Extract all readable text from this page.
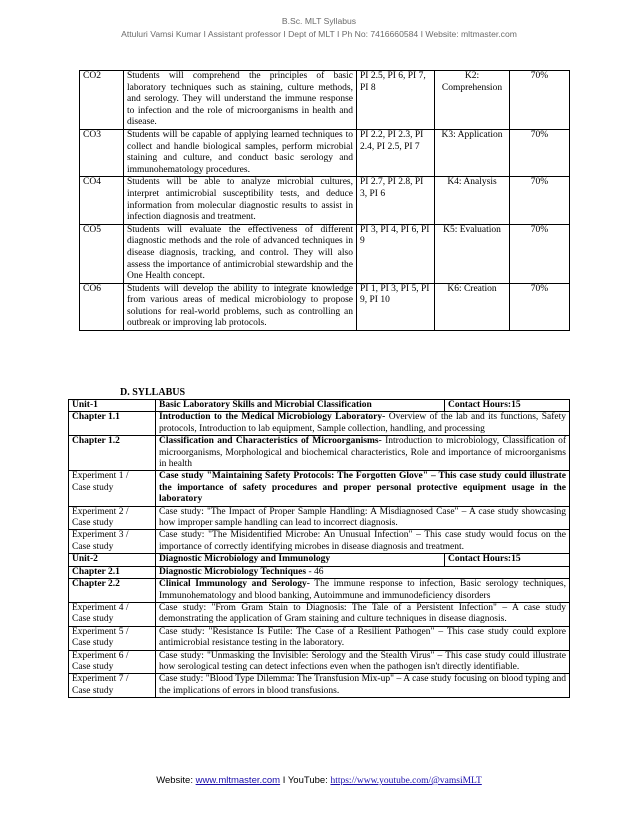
B.Sc. MLT Syllabus
Attuluri Vamsi Kumar I Assistant professor I Dept of MLT I Ph No: 7416660584 I Website: mltmaster.com
CO2	Students will comprehend the principles of basic laboratory techniques such as staining, culture methods, and serology. They will understand the immune response to infection and the role of microorganisms in health and disease.	PI 2.5, PI 6, PI 7, PI 8	K2: Comprehension	70%
CO3	Students will be capable of applying learned techniques to collect and handle biological samples, perform microbial staining and culture, and conduct basic serology and immunohematology procedures.	PI 2.2, PI 2.3, PI 2.4, PI 2.5, PI 7	K3: Application	70%
CO4	Students will be able to analyze microbial cultures, interpret antimicrobial susceptibility tests, and deduce information from molecular diagnostic results to assist in infection diagnosis and treatment.	PI 2.7, PI 2.8, PI 3, PI 6	K4: Analysis	70%
CO5	Students will evaluate the effectiveness of different diagnostic methods and the role of advanced techniques in disease diagnosis, tracking, and control. They will also assess the importance of antimicrobial stewardship and the One Health concept.	PI 3, PI 4, PI 6, PI 9	K5: Evaluation	70%
CO6	Students will develop the ability to integrate knowledge from various areas of medical microbiology to propose solutions for real-world problems, such as controlling an outbreak or improving lab protocols.	PI 1, PI 3, PI 5, PI 9, PI 10	K6: Creation	70%
D. SYLLABUS
Unit-1	Basic Laboratory Skills and Microbial Classification	Contact Hours:15
Chapter 1.1	Introduction to the Medical Microbiology Laboratory- Overview of the lab and its functions, Safety protocols, Introduction to lab equipment, Sample collection, handling, and processing	
Chapter 1.2	Classification and Characteristics of Microorganisms- Introduction to microbiology, Classification of microorganisms, Morphological and biochemical characteristics, Role and importance of microorganisms in health	

Experiment 1 /
Case study	Case study "Maintaining Safety Protocols: The Forgotten Glove" – This case study could illustrate the importance of safety procedures and proper personal protective equipment usage in the laboratory	

Experiment 2 /
Case study	Case study: "The Impact of Proper Sample Handling: A Misdiagnosed Case" – A case study showcasing how improper sample handling can lead to incorrect diagnosis.	

Experiment 3 /
Case study	Case study: "The Misidentified Microbe: An Unusual Infection" – This case study would focus on the importance of correctly identifying microbes in disease diagnosis and treatment.	
Unit-2	Diagnostic Microbiology and Immunology	Contact Hours:15
Chapter 2.1	Diagnostic Microbiology Techniques - 46	
Chapter 2.2	Clinical Immunology and Serology- The immune response to infection, Basic serology techniques, Immunohematology and blood banking, Autoimmune and immunodeficiency disorders	

Experiment 4 /
Case study	Case study: "From Gram Stain to Diagnosis: The Tale of a Persistent Infection" – A case study demonstrating the application of Gram staining and culture techniques in disease diagnosis.	

Experiment 5 /
Case study	Case study: "Resistance Is Futile: The Case of a Resilient Pathogen" – This case study could explore antimicrobial resistance testing in the laboratory.	

Experiment 6 /
Case study	Case study: "Unmasking the Invisible: Serology and the Stealth Virus" – This case study could illustrate how serological testing can detect infections even when the pathogen isn't directly identifiable.	

Experiment 7 /
Case study	Case study: "Blood Type Dilemma: The Transfusion Mix-up" – A case study focusing on blood typing and the implications of errors in blood transfusions.	
Website: www.mltmaster.com I YouTube: https://www.youtube.com/@vamsiMLT
